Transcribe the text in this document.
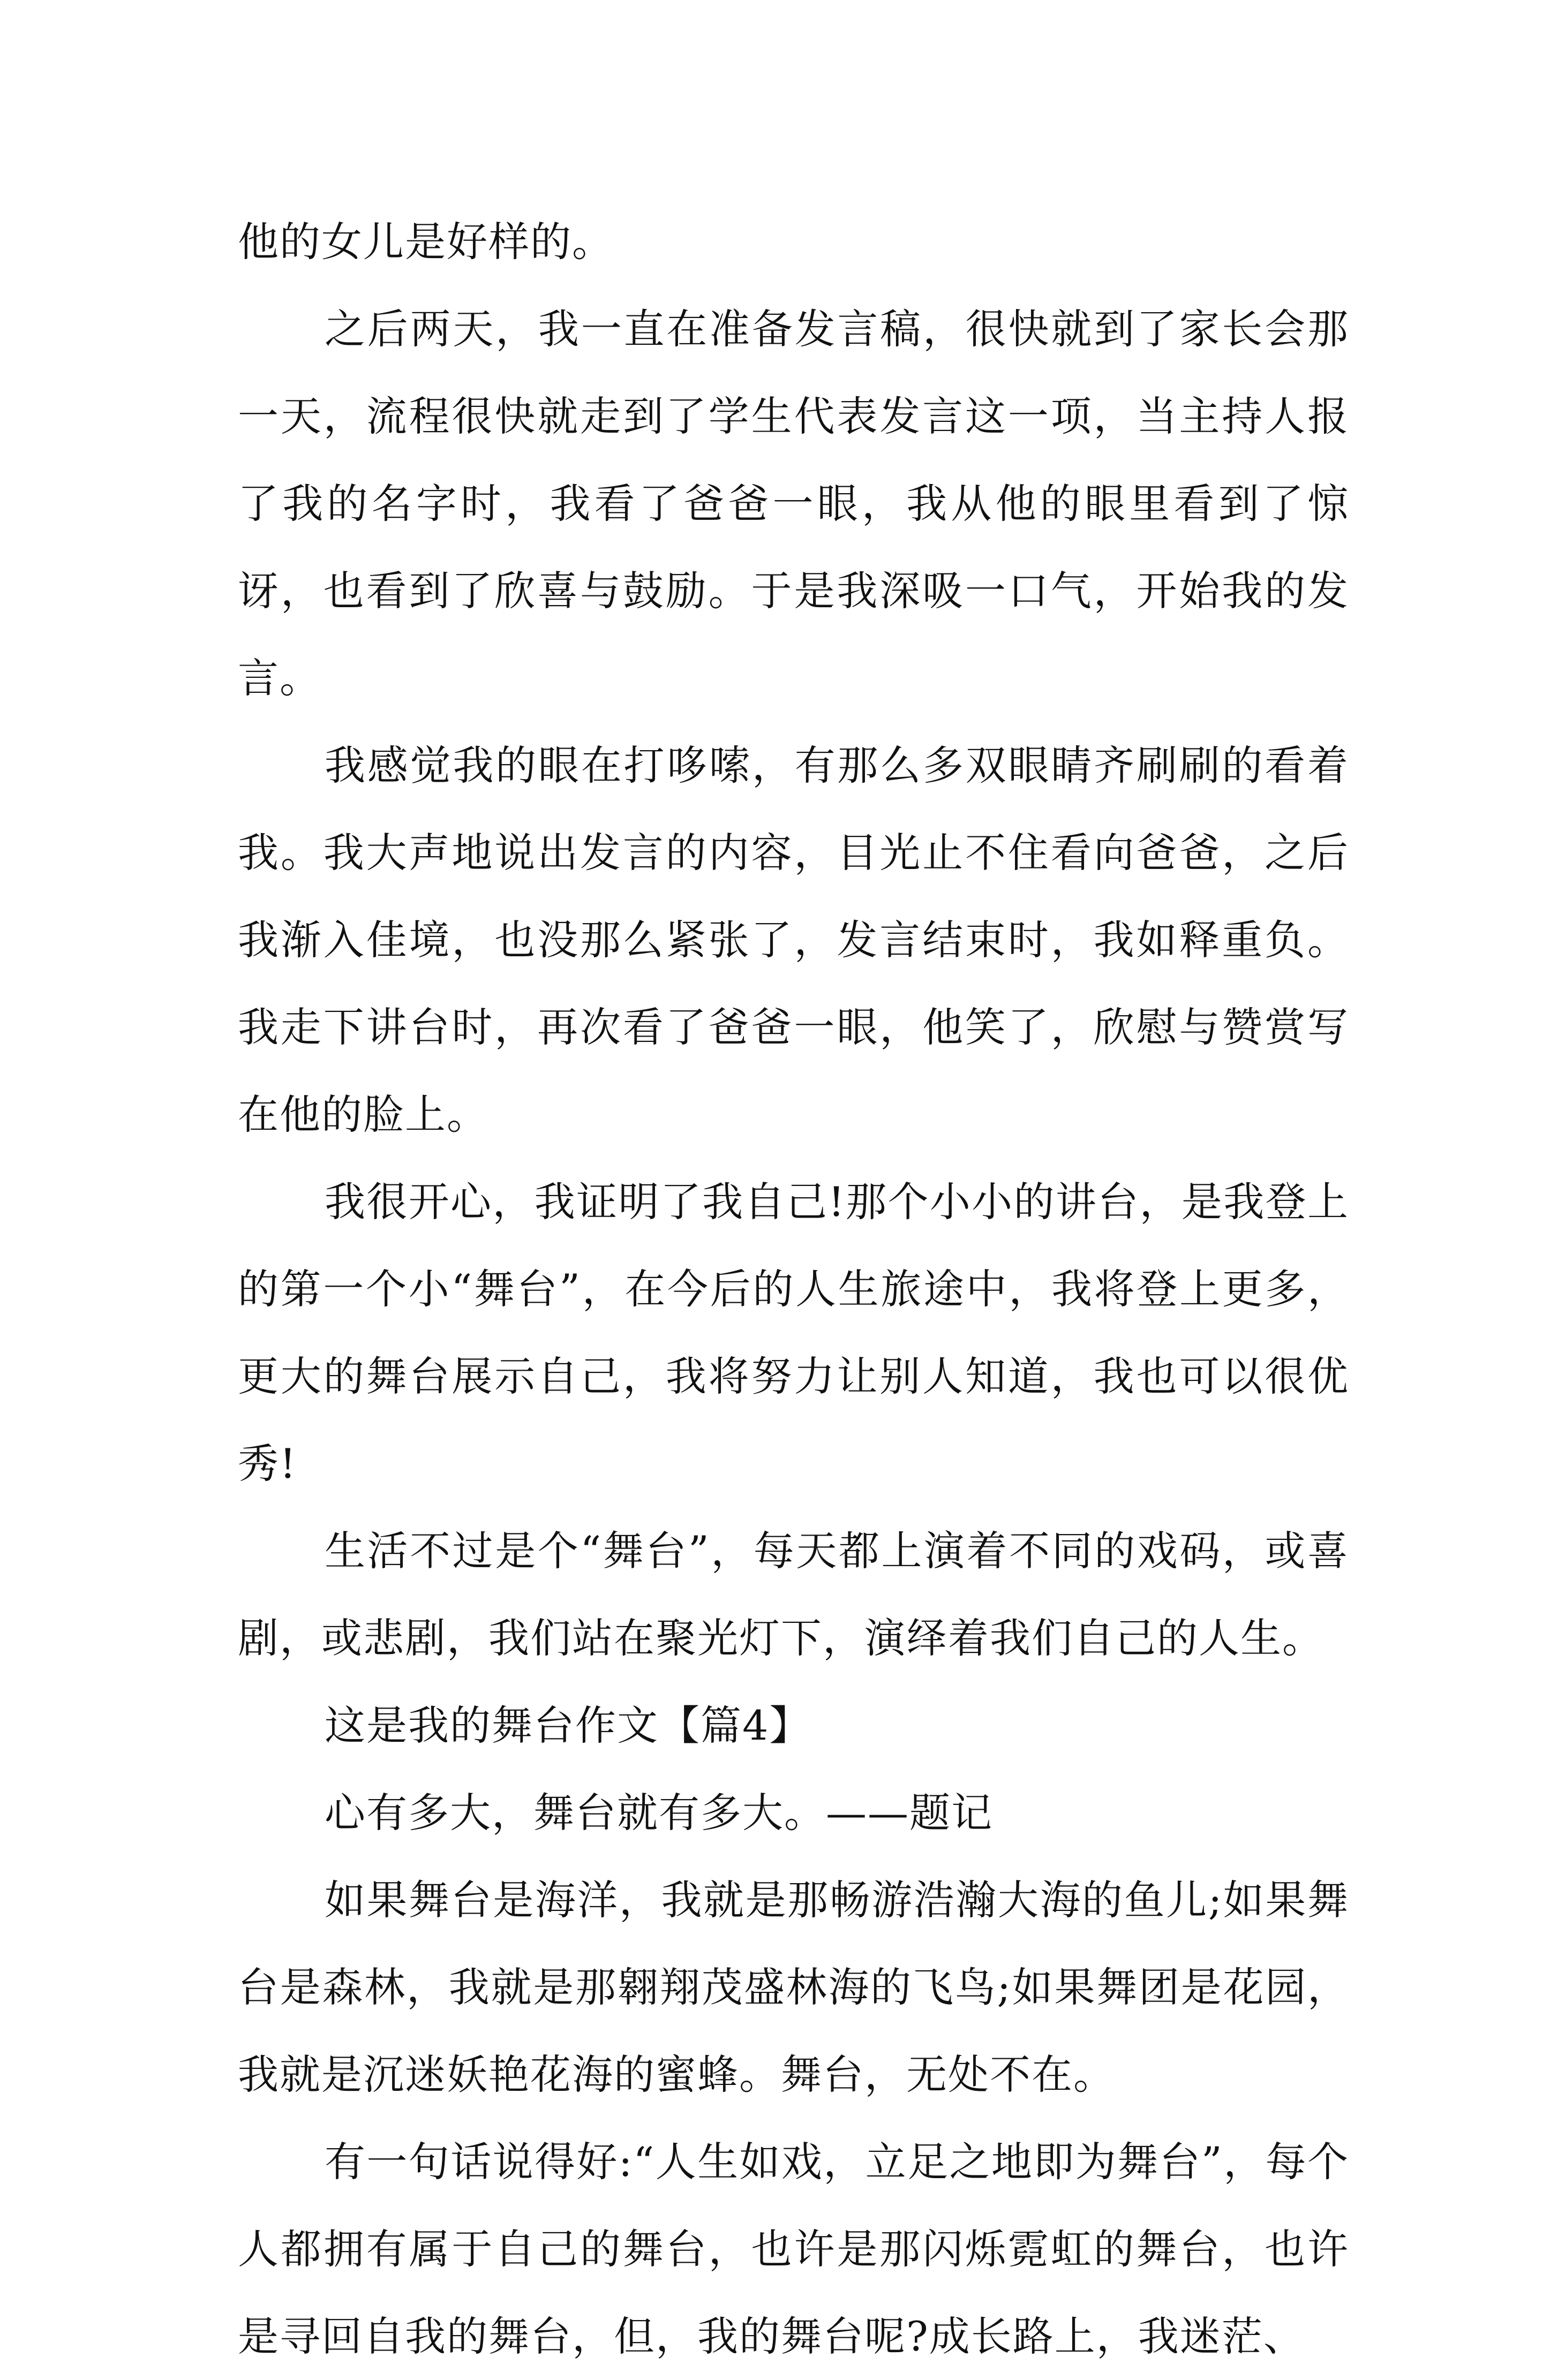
他的女儿是好样的。

之后两天，我一直在准备发言稿，很快就到了家长会那一天，流程很快就走到了学生代表发言这一项，当主持人报了我的名字时，我看了爸爸一眼，我从他的眼里看到了惊讶，也看到了欣喜与鼓励。于是我深吸一口气，开始我的发言。

我感觉我的眼在打哆嗦，有那么多双眼睛齐刷刷的看着我。我大声地说出发言的内容，目光止不住看向爸爸，之后我渐入佳境，也没那么紧张了，发言结束时，我如释重负。我走下讲台时，再次看了爸爸一眼，他笑了，欣慰与赞赏写在他的脸上。

我很开心，我证明了我自己!那个小小的讲台，是我登上的第一个小“舞台”，在今后的人生旅途中，我将登上更多，更大的舞台展示自己，我将努力让别人知道，我也可以很优秀!

生活不过是个“舞台”，每天都上演着不同的戏码，或喜剧，或悲剧，我们站在聚光灯下，演绎着我们自己的人生。

这是我的舞台作文【篇4】

心有多大，舞台就有多大。——题记

如果舞台是海洋，我就是那畅游浩瀚大海的鱼儿;如果舞台是森林，我就是那翱翔茂盛林海的飞鸟;如果舞团是花园，我就是沉迷妖艳花海的蜜蜂。舞台，无处不在。

有一句话说得好:“人生如戏，立足之地即为舞台”，每个人都拥有属于自己的舞台，也许是那闪烁霓虹的舞台，也许是寻回自我的舞台，但，我的舞台呢?成长路上，我迷茫、
